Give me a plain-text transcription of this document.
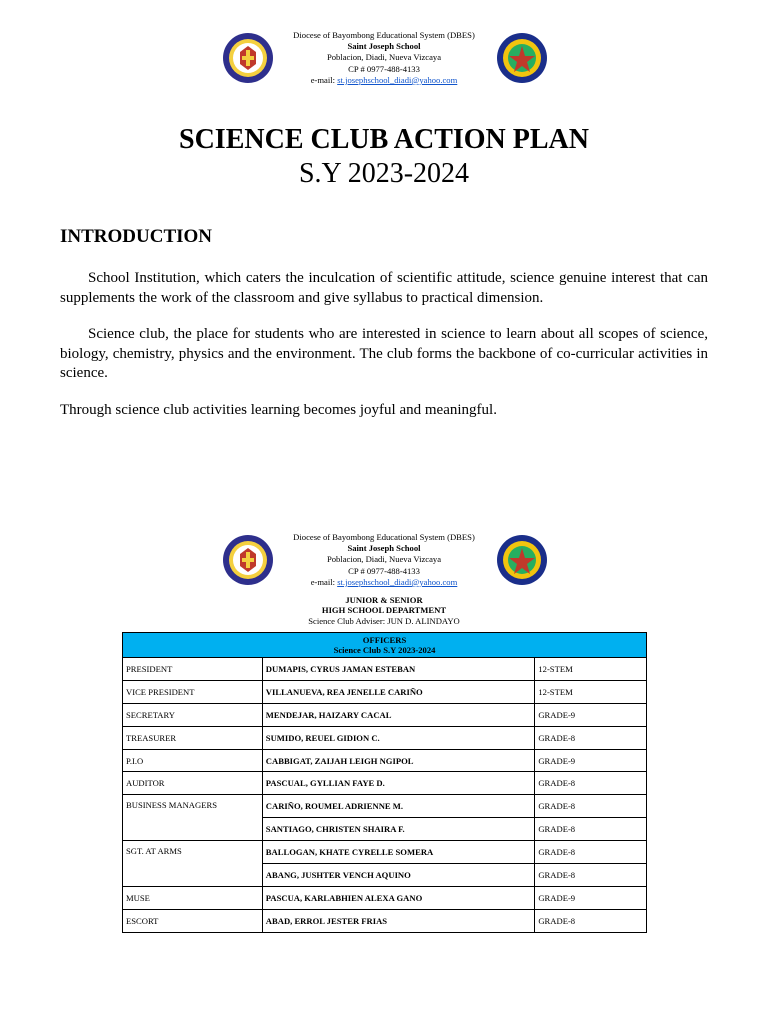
Diocese of Bayombong Educational System (DBES)
Saint Joseph School
Poblacion, Diadi, Nueva Vizcaya
CP # 0977-488-4133
e-mail: st.josephschool_diadi@yahoo.com
SCIENCE CLUB ACTION PLAN
S.Y 2023-2024
INTRODUCTION

School Institution, which caters the inculcation of scientific attitude, science genuine interest that can supplements the work of the classroom and give syllabus to practical dimension.

Science club, the place for students who are interested in science to learn about all scopes of science, biology, chemistry, physics and the environment. The club forms the backbone of co-curricular activities in science.

Through science club activities learning becomes joyful and meaningful.

Diocese of Bayombong Educational System (DBES)
Saint Joseph School
Poblacion, Diadi, Nueva Vizcaya
CP # 0977-488-4133
e-mail: st.josephschool_diadi@yahoo.com
JUNIOR & SENIOR
HIGH SCHOOL DEPARTMENT
Science Club Adviser: JUN D. ALINDAYO
OFFICERS
Science Club S.Y 2023-2024		

PRESIDENT	DUMAPIS, CYRUS JAMAN ESTEBAN	12-STEM
VICE PRESIDENT	VILLANUEVA, REA JENELLE CARIÑO	12-STEM
SECRETARY	MENDEJAR, HAIZARY CACAL	GRADE-9
TREASURER	SUMIDO, REUEL GIDION C.	GRADE-8
P.I.O	CABBIGAT, ZAIJAH LEIGH NGIPOL	GRADE-9
AUDITOR	PASCUAL, GYLLIAN FAYE D.	GRADE-8
BUSINESS MANAGERS	CARIÑO, ROUMEL ADRIENNE M.	GRADE-8
	SANTIAGO, CHRISTEN SHAIRA F.	GRADE-8
SGT. AT ARMS	BALLOGAN, KHATE CYRELLE SOMERA	GRADE-8
	ABANG, JUSHTER VENCH AQUINO	GRADE-8
MUSE	PASCUA, KARLABHIEN ALEXA GANO	GRADE-9
ESCORT	ABAD, ERROL JESTER FRIAS	GRADE-8
